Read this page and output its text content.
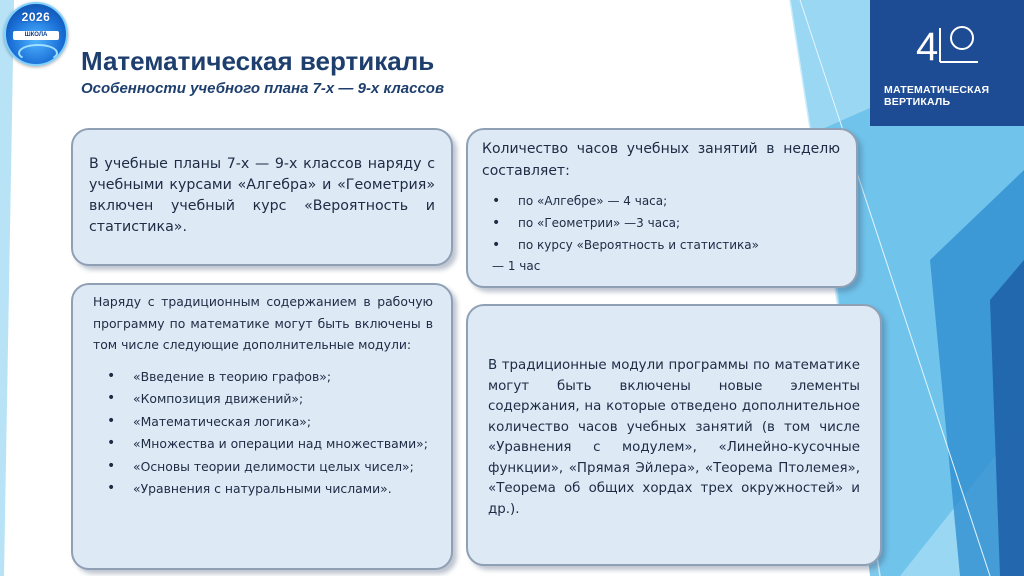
2026
ШКОЛА	4
МАТЕМАТИЧЕСКАЯ
ВЕРТИКАЛЬ
Математическая вертикаль
Особенности учебного плана 7-х — 9-х классов

В учебные планы 7-х — 9-х классов наряду с учебными курсами «Алгебра» и «Геометрия» включен учебный курс «Вероятность и статистика».

Количество часов учебных занятий в неделю составляет:

• по «Алгебре» — 4 часа;
• по «Геометрии» —3 часа;
• по курсу «Вероятность и статистика»
— 1 час

Наряду с традиционным содержанием в рабочую программу по математике могут быть включены в том числе следующие дополнительные модули:

• «Введение в теорию графов»;
• «Композиция движений»;
• «Математическая логика»;
• «Множества и операции над множествами»;
• «Основы теории делимости целых чисел»;
• «Уравнения с натуральными числами».

В традиционные модули программы по математике могут быть включены новые элементы содержания, на которые отведено дополнительное количество часов учебных занятий (в том числе «Уравнения с модулем», «Линейно-кусочные функции», «Прямая Эйлера», «Теорема Птолемея», «Теорема об общих хордах трех окружностей» и др.).
